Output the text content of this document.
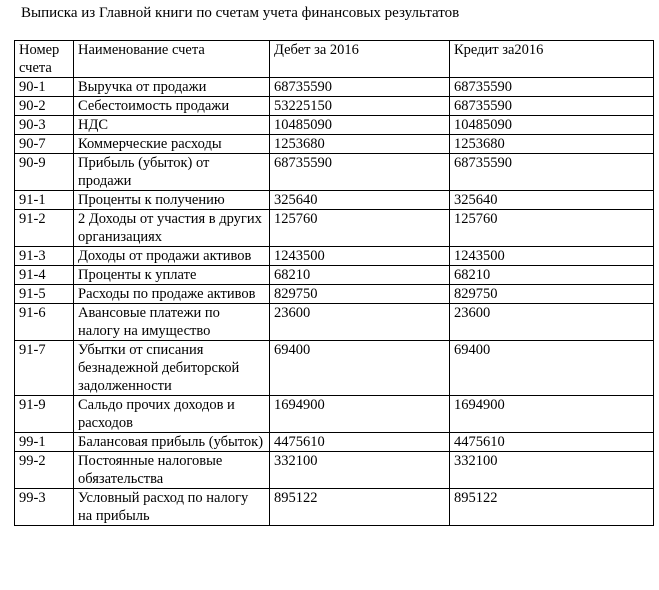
Выписка из Главной книги по счетам учета финансовых результатов
Номер счета	Наименование счета	Дебет за 2016	Кредит за2016
90-1	Выручка от продажи	68735590	68735590
90-2	Себестоимость продажи	53225150	68735590
90-3	НДС	10485090	10485090
90-7	Коммерческие расходы	1253680	1253680
90-9	Прибыль (убыток) от продажи	68735590	68735590
91-1	Проценты к получению	325640	325640
91-2	2 Доходы от участия в других организациях	125760	125760
91-3	Доходы от продажи активов	1243500	1243500
91-4	Проценты к уплате	68210	68210
91-5	Расходы по продаже активов	829750	829750
91-6	Авансовые платежи по налогу на имущество	23600	23600
91-7	Убытки от списания безнадежной дебиторской задолженности	69400	69400
91-9	Сальдо прочих доходов и расходов	1694900	1694900
99-1	Балансовая прибыль (убыток)	4475610	4475610
99-2	Постоянные налоговые обязательства	332100	332100
99-3	Условный расход по налогу на прибыль	895122	895122
